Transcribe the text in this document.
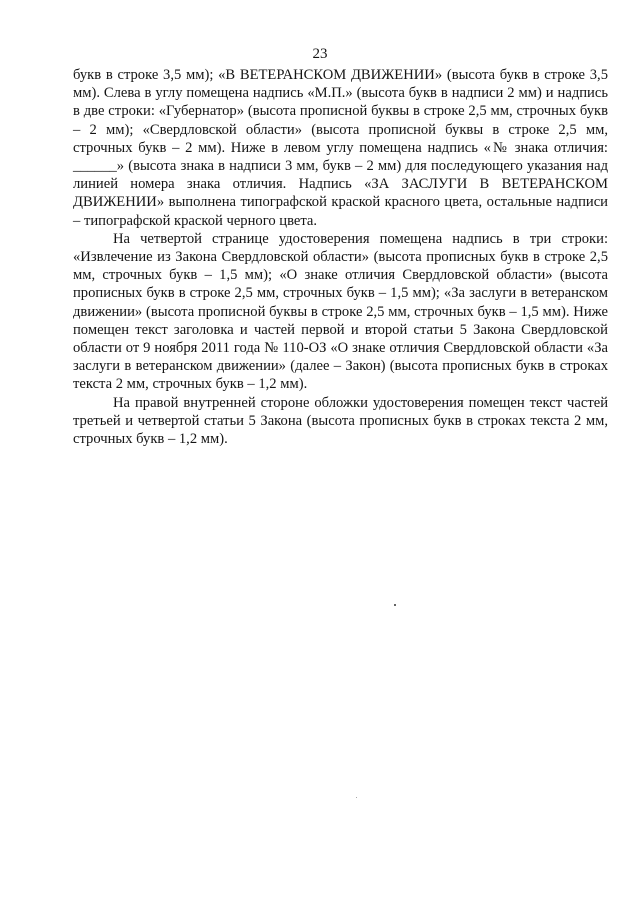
23

букв в строке 3,5 мм); «В ВЕТЕРАНСКОМ ДВИЖЕНИИ» (высота букв в строке 3,5 мм). Слева в углу помещена надпись «М.П.» (высота букв в надписи 2 мм) и надпись в две строки: «Губернатор» (высота прописной буквы в строке 2,5 мм, строчных букв – 2 мм); «Свердловской области» (высота прописной буквы в строке 2,5 мм, строчных букв – 2 мм). Ниже в левом углу помещена надпись «№ знака отличия: ______» (высота знака в надписи 3 мм, букв – 2 мм) для последующего указания над линией номера знака отличия. Надпись «ЗА ЗАСЛУГИ В ВЕТЕРАНСКОМ ДВИЖЕНИИ» выполнена типографской краской красного цвета, остальные надписи – типографской краской черного цвета.

На четвертой странице удостоверения помещена надпись в три строки: «Извлечение из Закона Свердловской области» (высота прописных букв в строке 2,5 мм, строчных букв – 1,5 мм); «О знаке отличия Свердловской области» (высота прописных букв в строке 2,5 мм, строчных букв – 1,5 мм); «За заслуги в ветеранском движении» (высота прописной буквы в строке 2,5 мм, строчных букв – 1,5 мм). Ниже помещен текст заголовка и частей первой и второй статьи 5 Закона Свердловской области от 9 ноября 2011 года № 110-ОЗ «О знаке отличия Свердловской области «За заслуги в ветеранском движении» (далее – Закон) (высота прописных букв в строках текста 2 мм, строчных букв – 1,2 мм).

На правой внутренней стороне обложки удостоверения помещен текст частей третьей и четвертой статьи 5 Закона (высота прописных букв в строках текста 2 мм, строчных букв – 1,2 мм).
